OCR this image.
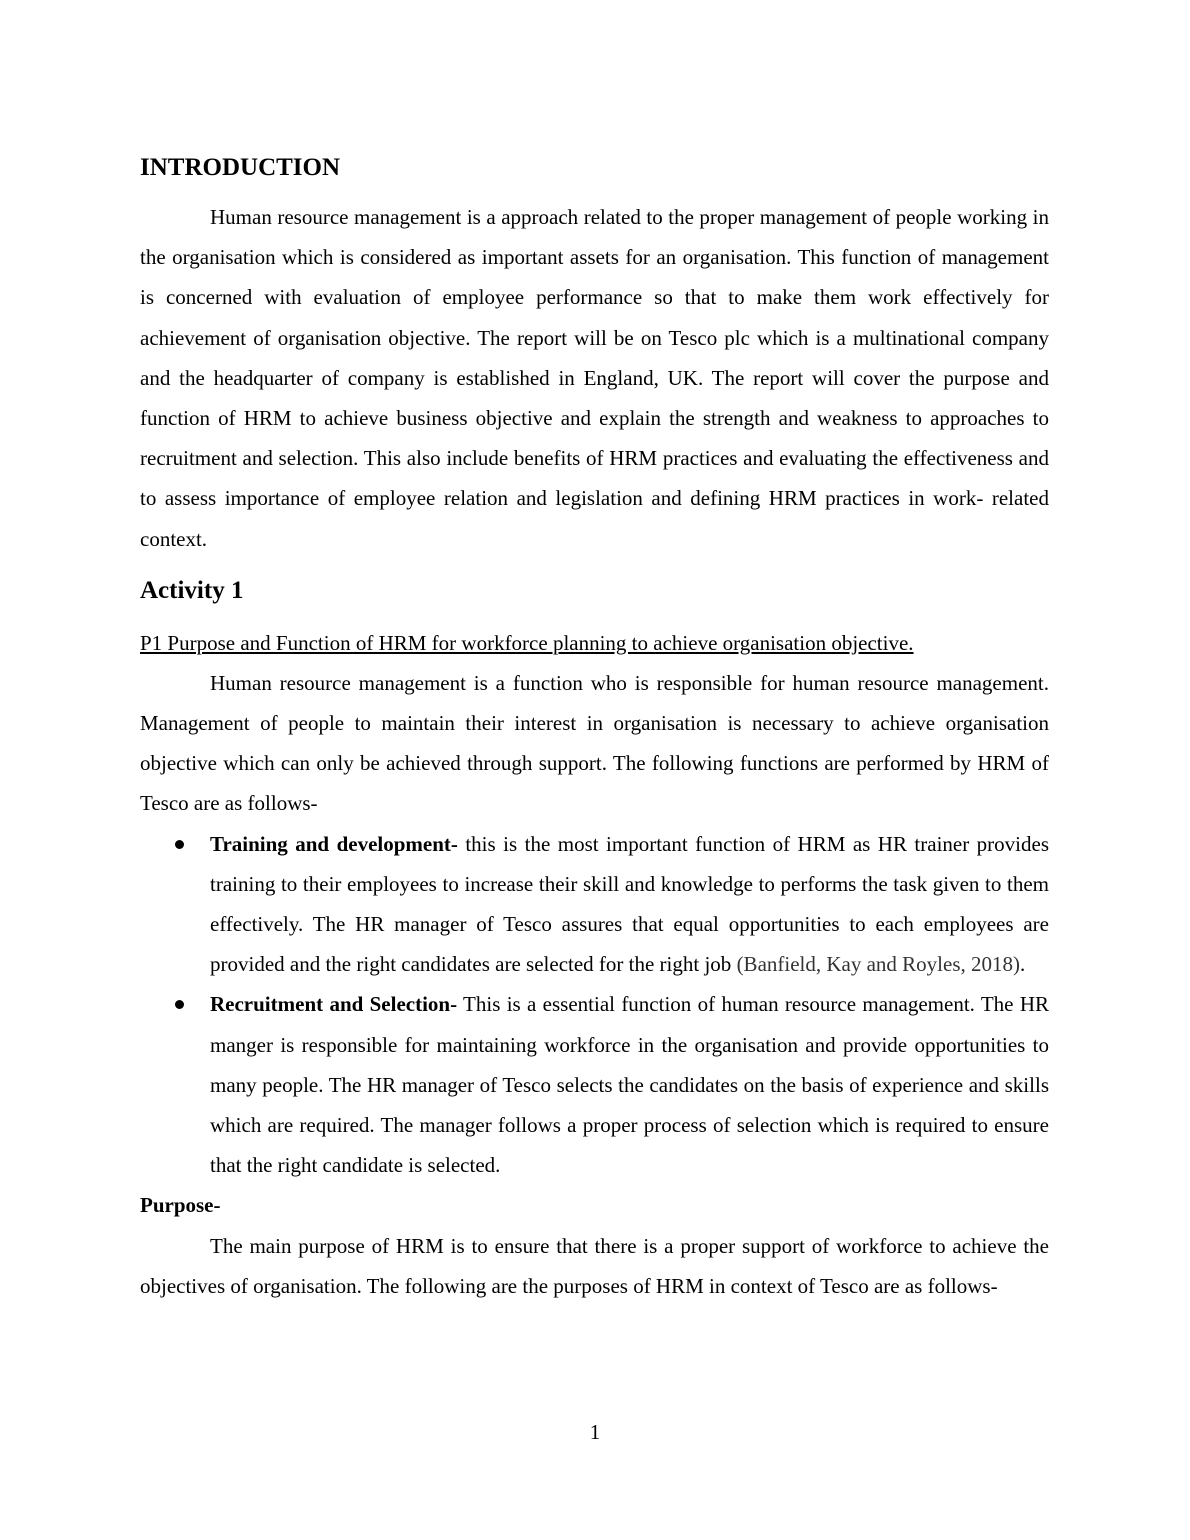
INTRODUCTION

Human resource management is a approach related to the proper management of people working in the organisation which is considered as important assets for an organisation. This function of management is concerned with evaluation of employee performance so that to make them work effectively for achievement of organisation objective. The report will be on Tesco plc which is a multinational company and the headquarter of company is established in England, UK. The report will cover the purpose and function of HRM to achieve business objective and explain the strength and weakness to approaches to recruitment and selection. This also include benefits of HRM practices and evaluating the effectiveness and to assess importance of employee relation and legislation and defining HRM practices in work- related context.

Activity 1

P1 Purpose and Function of HRM for workforce planning to achieve organisation objective.

Human resource management is a function who is responsible for human resource management. Management of people to maintain their interest in organisation is necessary to achieve organisation objective which can only be achieved through support. The following functions are performed by HRM of Tesco are as follows-

Training and development- this is the most important function of HRM as HR trainer provides training to their employees to increase their skill and knowledge to performs the task given to them effectively. The HR manager of Tesco assures that equal opportunities to each employees are provided and the right candidates are selected for the right job (Banfield, Kay and Royles, 2018).
Recruitment and Selection- This is a essential function of human resource management. The HR manger is responsible for maintaining workforce in the organisation and provide opportunities to many people. The HR manager of Tesco selects the candidates on the basis of experience and skills which are required. The manager follows a proper process of selection which is required to ensure that the right candidate is selected.

Purpose-

The main purpose of HRM is to ensure that there is a proper support of workforce to achieve the objectives of organisation. The following are the purposes of HRM in context of Tesco are as follows-

1
